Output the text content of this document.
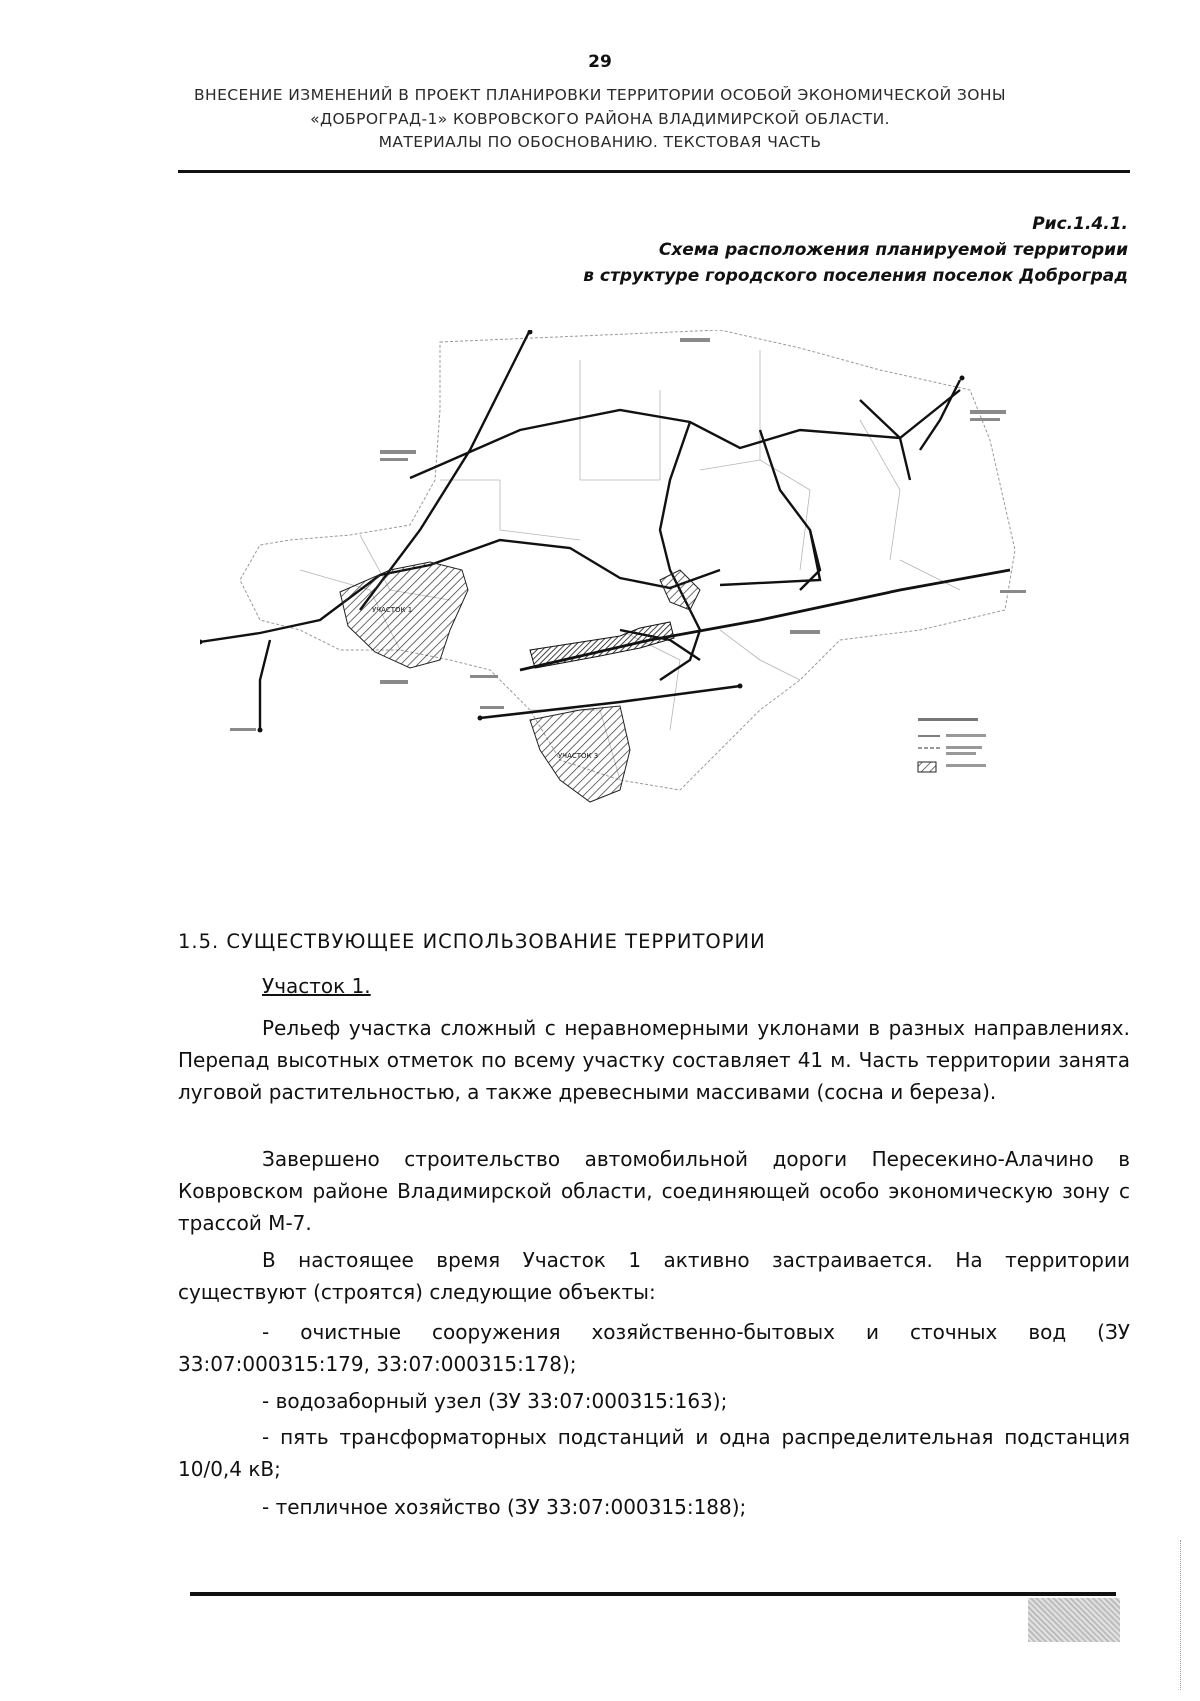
29
ВНЕСЕНИЕ ИЗМЕНЕНИЙ В ПРОЕКТ ПЛАНИРОВКИ ТЕРРИТОРИИ ОСОБОЙ ЭКОНОМИЧЕСКОЙ ЗОНЫ
«ДОБРОГРАД-1» КОВРОВСКОГО РАЙОНА ВЛАДИМИРСКОЙ ОБЛАСТИ.
МАТЕРИАЛЫ ПО ОБОСНОВАНИЮ. ТЕКСТОВАЯ ЧАСТЬ
Рис.1.4.1.
Схема расположения планируемой территории
в структуре городского поселения поселок Доброград
УЧАСТОК 1
УЧАСТОК 3
1.5. СУЩЕСТВУЮЩЕЕ ИСПОЛЬЗОВАНИЕ ТЕРРИТОРИИ
Участок 1.
Рельеф участка сложный с неравномерными уклонами в разных направлениях. Перепад высотных отметок по всему участку составляет 41 м. Часть территории занята луговой растительностью, а также древесными массивами (сосна и береза).
Завершено строительство автомобильной дороги Пересекино-Алачино в Ковровском районе Владимирской области, соединяющей особо экономическую зону с трассой М-7.
В настоящее время Участок 1 активно застраивается. На территории существуют (строятся) следующие объекты:
- очистные сооружения хозяйственно-бытовых и сточных вод (ЗУ 33:07:000315:179, 33:07:000315:178);
- водозаборный узел (ЗУ 33:07:000315:163);
- пять трансформаторных подстанций и одна распределительная подстанция 10/0,4 кВ;
- тепличное хозяйство (ЗУ 33:07:000315:188);
